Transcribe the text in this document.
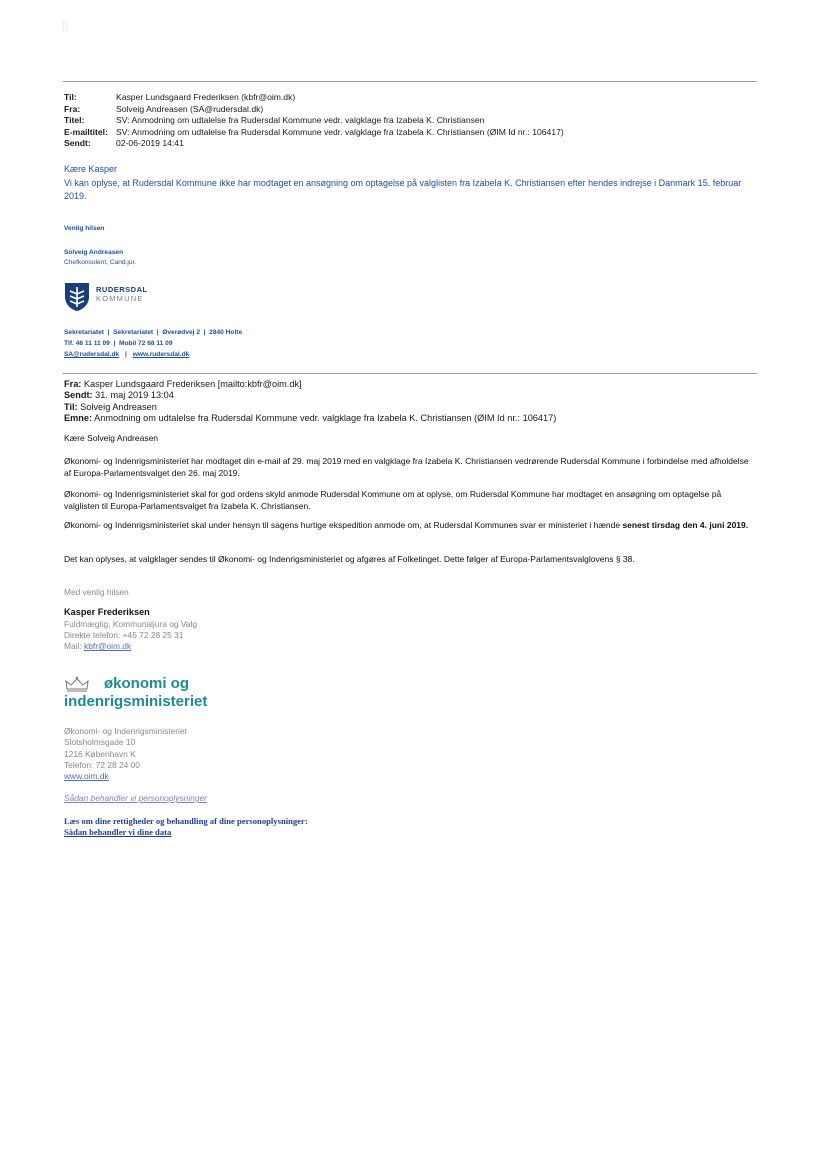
▯
Til:	Kasper Lundsgaard Frederiksen (kbfr@oim.dk)
Fra:	Solveig Andreasen (SA@rudersdal.dk)
Titel:	SV: Anmodning om udtalelse fra Rudersdal Kommune vedr. valgklage fra Izabela K. Christiansen
E-mailtitel: SV: Anmodning om udtalelse fra Rudersdal Kommune vedr. valgklage fra Izabela K. Christiansen (ØIM Id nr.: 106417)
Sendt:	02-06-2019 14:41
Kære Kasper
Vi kan oplyse, at Rudersdal Kommune ikke har modtaget en ansøgning om optagelse på valglisten fra Izabela K. Christiansen efter hendes indrejse i Danmark 15. februar 2019.
Venlig hilsen
Solveig Andreasen
Chefkonsulent, Cand.jur.
RUDERSDAL
KOMMUNE
Sekretariatet  |  Sekretariatet  |  Øverødvej 2  |  2840 Holte
Tlf. 46 11 11 09  |  Mobil 72 68 11 09
SA@rudersdal.dk | www.rudersdal.dk
Fra: Kasper Lundsgaard Frederiksen [mailto:kbfr@oim.dk]
Sendt: 31. maj 2019 13:04
Til: Solveig Andreasen
Emne: Anmodning om udtalelse fra Rudersdal Kommune vedr. valgklage fra Izabela K. Christiansen (ØIM Id nr.: 106417)
Kære Solveig Andreasen
Økonomi- og Indenrigsministeriet har modtaget din e-mail af 29. maj 2019 med en valgklage fra Izabela K. Christiansen vedrørende Rudersdal Kommune i forbindelse med afholdelse af Europa-Parlamentsvalget den 26. maj 2019.
Økonomi- og Indenrigsministeriet skal for god ordens skyld anmode Rudersdal Kommune om at oplyse, om Rudersdal Kommune har modtaget en ansøgning om optagelse på valglisten til Europa-Parlamentsvalget fra Izabela K. Christiansen.
Økonomi- og Indenrigsministeriet skal under hensyn til sagens hurtige ekspedition anmode om, at Rudersdal Kommunes svar er ministeriet i hænde senest tirsdag den 4. juni 2019.
Det kan oplyses, at valgklager sendes til Økonomi- og Indenrigsministeriet og afgøres af Folketinget. Dette følger af Europa-Parlamentsvalglovens § 38.
Med venlig hilsen
Kasper Frederiksen
Fuldmægtig, Kommunaljura og Valg
Direkte telefon: +45 72 28 25 31
Mail: kbfr@oim.dk
økonomi og
indenrigsministeriet
Økonomi- og Indenrigsministeriet
Slotsholmsgade 10
1216 København K
Telefon: 72 28 24 00
www.oim.dk
Sådan behandler vi personoplysninger
Læs om dine rettigheder og behandling af dine personoplysninger:
Sådan behandler vi dine data
